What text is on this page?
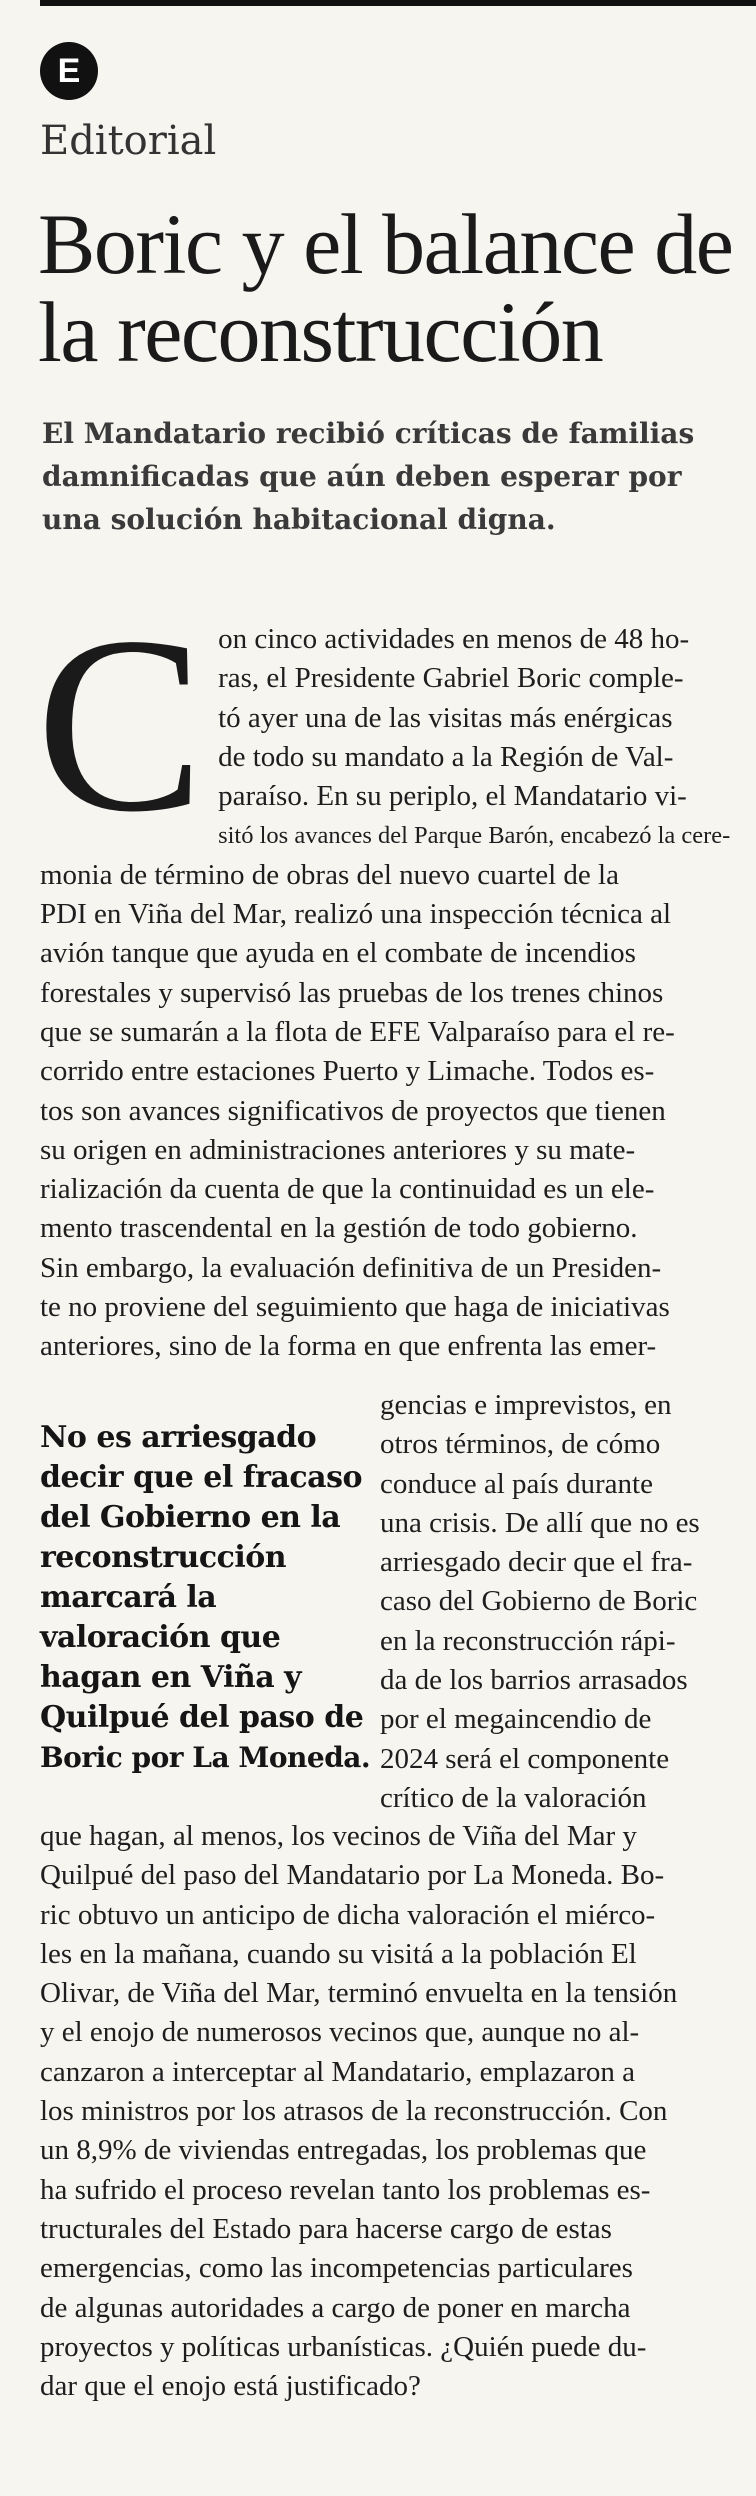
E
Editorial
Boric y el balance de
la reconstrucción
El Mandatario recibió críticas de familias
damnificadas que aún deben esperar por
una solución habitacional digna.
C on cinco actividades en menos de 48 ho-
ras, el Presidente Gabriel Boric comple-
tó ayer una de las visitas más enérgicas
de todo su mandato a la Región de Val-
paraíso. En su periplo, el Mandatario vi-
sitó los avances del Parque Barón, encabezó la cere-
monia de término de obras del nuevo cuartel de la
PDI en Viña del Mar, realizó una inspección técnica al
avión tanque que ayuda en el combate de incendios
forestales y supervisó las pruebas de los trenes chinos
que se sumarán a la flota de EFE Valparaíso para el re-
corrido entre estaciones Puerto y Limache. Todos es-
tos son avances significativos de proyectos que tienen
su origen en administraciones anteriores y su mate-
rialización da cuenta de que la continuidad es un ele-
mento trascendental en la gestión de todo gobierno.
Sin embargo, la evaluación definitiva de un Presiden-
te no proviene del seguimiento que haga de iniciativas
anteriores, sino de la forma en que enfrenta las emer-
No es arriesgado
decir que el fracaso
del Gobierno en la
reconstrucción
marcará la
valoración que
hagan en Viña y
Quilpué del paso de
Boric por La Moneda.
gencias e imprevistos, en
otros términos, de cómo
conduce al país durante
una crisis. De allí que no es
arriesgado decir que el fra-
caso del Gobierno de Boric
en la reconstrucción rápi-
da de los barrios arrasados
por el megaincendio de
2024 será el componente
crítico de la valoración
que hagan, al menos, los vecinos de Viña del Mar y
Quilpué del paso del Mandatario por La Moneda. Bo-
ric obtuvo un anticipo de dicha valoración el miérco-
les en la mañana, cuando su visitá a la población El
Olivar, de Viña del Mar, terminó envuelta en la tensión
y el enojo de numerosos vecinos que, aunque no al-
canzaron a interceptar al Mandatario, emplazaron a
los ministros por los atrasos de la reconstrucción. Con
un 8,9% de viviendas entregadas, los problemas que
ha sufrido el proceso revelan tanto los problemas es-
tructurales del Estado para hacerse cargo de estas
emergencias, como las incompetencias particulares
de algunas autoridades a cargo de poner en marcha
proyectos y políticas urbanísticas. ¿Quién puede du-
dar que el enojo está justificado?
